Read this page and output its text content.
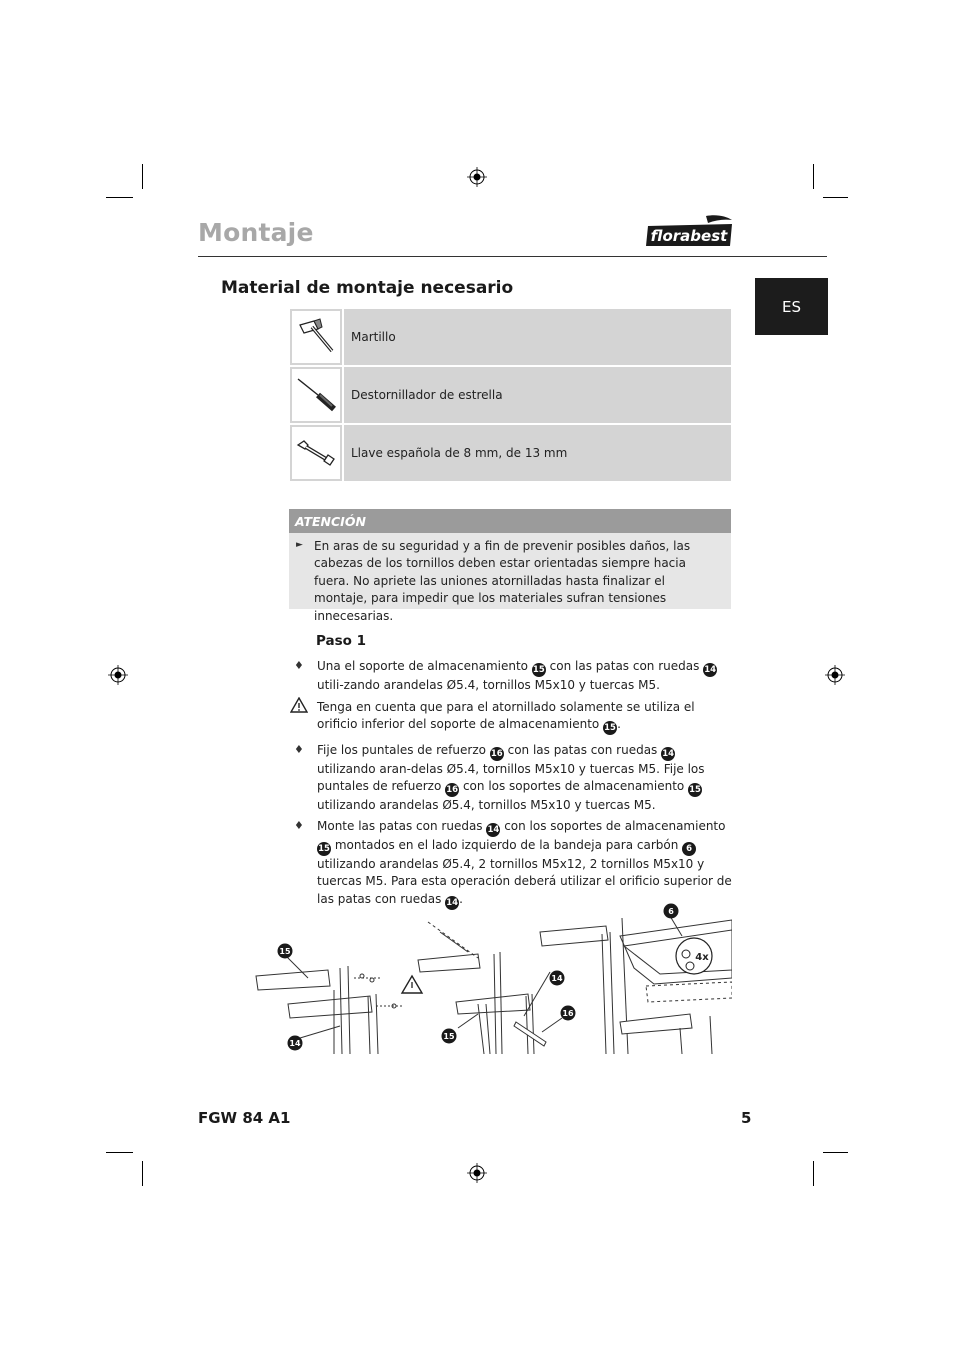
Montaje	florabest
ES
Material de montaje necesario
Martillo
Destornillador de estrella
Llave española de 8 mm, de 13 mm
ATENCIÓN
► En aras de su seguridad y a fin de prevenir posibles daños, las cabezas de los tornillos deben estar orientadas siempre hacia fuera. No apriete las uniones atornilladas hasta finalizar el montaje, para impedir que los materiales sufran tensiones innecesarias.
Paso 1
♦ Una el soporte de almacenamiento 15 con las patas con ruedas 14 utili-zando arandelas Ø5.4, tornillos M5x10 y tuercas M5.
Tenga en cuenta que para el atornillado solamente se utiliza el orificio inferior del soporte de almacenamiento 15.
♦ Fije los puntales de refuerzo 16 con las patas con ruedas 14 utilizando aran-delas Ø5.4, tornillos M5x10 y tuercas M5. Fije los puntales de refuerzo 16 con los soportes de almacenamiento 15 utilizando arandelas Ø5.4, tornillos M5x10 y tuercas M5.
♦ Monte las patas con ruedas 14 con los soportes de almacenamiento 15 montados en el lado izquierdo de la bandeja para carbón 6 utilizando arandelas Ø5.4, 2 tornillos M5x12, 2 tornillos M5x10 y tuercas M5. Para esta operación deberá utilizar el orificio superior de las patas con ruedas 14.
15
14
6
4x
14
16
15
FGW 84 A1	5
